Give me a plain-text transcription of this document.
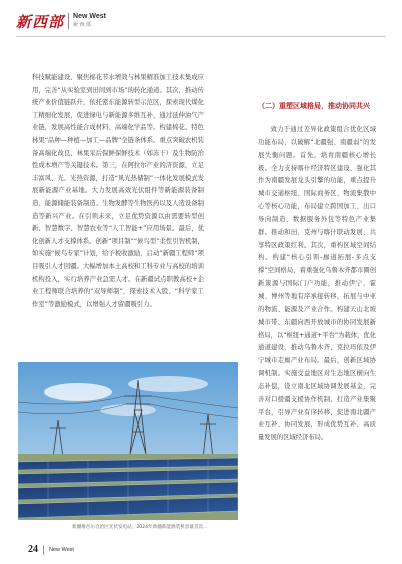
新西部 New West
新 西 部

科技赋能建设、聚焦棉花节水增效与林果精准加工技术集成应用，完善“从实验室到田间到市场”的转化通道。其次，推动传统产业价值链跃升，依托密东能源转型示范区，探索现代煤化工精细化发展，促进绿电与新能源多维互补，通过延伸油气产业链，发展高性能合成材料、高端化学品等。构建棉花、特色林果“品种—种植—加工—品牌”全链条体系。重点突破农机装备高端化改良、林果采后保鲜保鲜技术（如冻干）及生物防治性成本增产等关键技术。第三，在阿拉尔产业的济资源，立足丰富风、光、光热资源，打造“风光热储制”一体化发展模式发展新能源产业基地。大力发展高效光伏组件等新能源装备制造、能源储能装备制造、生物发酵等生物医药以及人造设备制造等新兴产业。在引领未来，立足优势资源以由需要转型创新、智慧数字、智慧农业等“人工智能+”应用场景。最后，优化创新人才支撑体系。创新“项目制”“候鸟型”柔性引智机制，如实施“候鸟专家”计划，给予税收激励，启动“新疆工程师”项目吸引人才回疆。大幅增加本土高校和工科专业与高校的培训机构投入，实行培养产业急需人才。在新疆试点职教高校+企业工程师联合培养的“双导师制”，探索技术入股、“科学家工作室”等激励模式，以增强人才留疆吸引力。

（二）重塑区域格局，推动协同共兴

致力于通过差异化政策组合优化区域功能布局，以破解“北疆强、南疆弱”的发展失衡问题。首先，培育南疆核心增长极。全力支持喀什经济特区建设，强化其作为南疆发展龙头引擎的功能，重点提升城市交通枢纽、国际商务区、物流集散中心等核心功能，布局建立跨国加工、出口导向制造、数据服务外包等特色产业集群。推动和田、克州与喀什联动发展，共享特区政策红利。其次，重构区域空间结构。构建“核心引领-廊道拓展-多点支撑”空间格局，着重强化乌鲁木齐都市圈创新策源与国际门户功能，推动伊宁、霍城、博州等地有序承接转移，拓展与中亚的物流、能源及产业合作。构建天山北坡城市带、东疆向西开放城市的协同发展新格局，以“枢纽+通道+平台”为载体，优化通道建设，推动乌鲁木齐、克拉玛依及伊宁城市走廊产业布局。最后，创新区域协调机制。实施受益地区对生态地区横向生态补偿，设立南北区域协调发展基金，完善对口援疆支援协作机制，打造产业集聚平台，引导产业有序转移，促进南北疆产业互补、协同发展，形成优势互补、高质量发展的区域经济布局。

新疆维吾尔自治区光伏发电站。2024年新疆新能源装机容量首次…
24 New West
